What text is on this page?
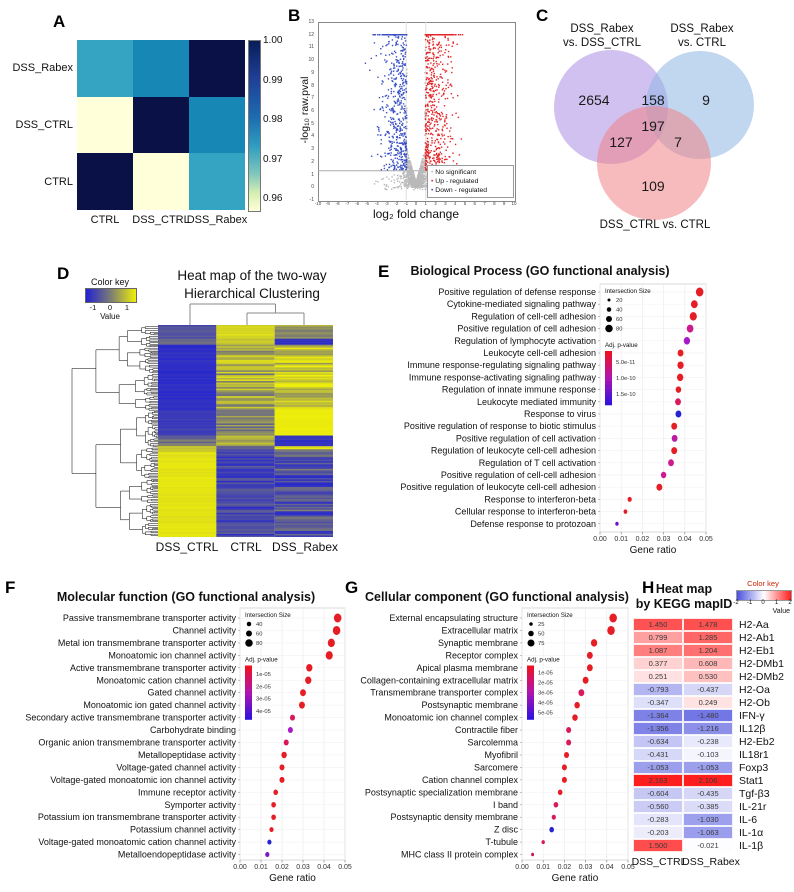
A
1.00
0.99
0.98
0.97
0.96
B
-1
0
1
2
3
4
5
6
7
8
9
10
11
12
13
-10 -9 -8 -7 -6 -5 -4 -3 -2 -1 0 1 2 3 4 5 6 7 8 9 10
-log₁₀ raw.pval
log₂ fold change
• No significant
• Up - regulated
• Down - regulated
C
DSS_Rabex
vs. DSS_CTRL
DSS_Rabex
vs. CTRL
2654 158	9
197
127	7
109
DSS_CTRL vs. CTRL
D Color key
-1 0 1
Value
Heat map of the two-way
Hierarchical Clustering
DSS_CTRL CTRL DSS_Rabex
E Biological Process (GO functional analysis)
Positive regulation of defense response
Cytokine-mediated signaling pathway
Regulation of cell-cell adhesion
Positive regulation of cell adhesion
Regulation of lymphocyte activation
Leukocyte cell-cell adhesion
Immune response-regulating signaling pathway
Immune response-activating signaling pathway
Regulation of innate immune response
Leukocyte mediated immunity
Response to virus
Positive regulation of response to biotic stimulus
Positive regulation of cell activation
Regulation of leukocyte cell-cell adhesion
Regulation of T cell activation
Positive regulation of cell-cell adhesion
Positive regulation of leukocyte cell-cell adhesion
Response to interferon-beta
Cellular response to interferon-beta
Defense response to protozoan
0.00 0.01 0.02 0.03 0.04 0.05
Gene ratio
Intersection Size
20
40
60
80
Adj. p-value
5.0e-11
1.0e-10
1.5e-10
F	Molecular function (GO functional analysis)
Passive transmembrane transporter activity
Channel activity
Metal ion transmembrane transporter activity
Monoatomic ion channel activity
Active transmembrane transporter activity
Monoatomic cation channel activity
Gated channel activity
Monoatomic ion gated channel activity
Secondary active transmembrane transporter activity
Carbohydrate binding
Organic anion transmembrane transporter activity
Metallopeptidase activity
Voltage-gated channel activity
Voltage-gated monoatomic ion channel activity
Immune receptor activity
Symporter activity
Potassium ion transmembrane transporter activity
Potassium channel activity
Voltage-gated monoatomic cation channel activity
Metalloendopeptidase activity
0.00 0.01 0.02 0.03 0.04 0.05
Gene ratio
Intersection Size
40
60
80
Adj. p-value
1e-05
2e-05
3e-05
4e-05
G Cellular component (GO functional analysis)
External encapsulating structure
Extracellular matrix
Synaptic membrane
Receptor complex
Apical plasma membrane
Collagen-containing extracellular matrix
Transmembrane transporter complex
Postsynaptic membrane
Monoatomic ion channel complex
Contractile fiber
Sarcolemma
Myofibril
Sarcomere
Cation channel complex
Postsynaptic specialization membrane
I band
Postsynaptic density membrane
Z disc
T-tubule
MHC class II protein complex
0.00 0.01 0.02 0.03 0.04 0.05
Gene ratio
Intersection Size
25
50
75
Adj. p-value
1e-05
2e-05
3e-05
4e-05
5e-05
H Heat map
by KEGG mapID
Color key
-2 -1 0 1 2
Value
1.450	1.478	H2-Aa
0.799	1.285	H2-Ab1
1.087	1.204	H2-Eb1
0.377	0.608	H2-DMb1
0.251	0.530	H2-DMb2
-0.793	-0.437	H2-Oa
-0.347	0.249	H2-Ob
-1.364	-1.480	IFN-γ
-1.356	-1.216	IL12β
-0.634	-0.238	H2-Eb2
-0.431	-0.103	IL18r1
-1.053	-1.053	Foxp3
2.163	2.106	Stat1
-0.604	-0.435	Tgf-β3
-0.560	-0.385	IL-21r
-0.283	-1.030	IL-6
-0.203	-1.063	IL-1α
1.500	-0.021	IL-1β
DSS_CTRL
DSS_Rabex
DSS_Rabex
DSS_CTRL
CTRL
CTRL DSS_CTRL
DSS_Rabex
